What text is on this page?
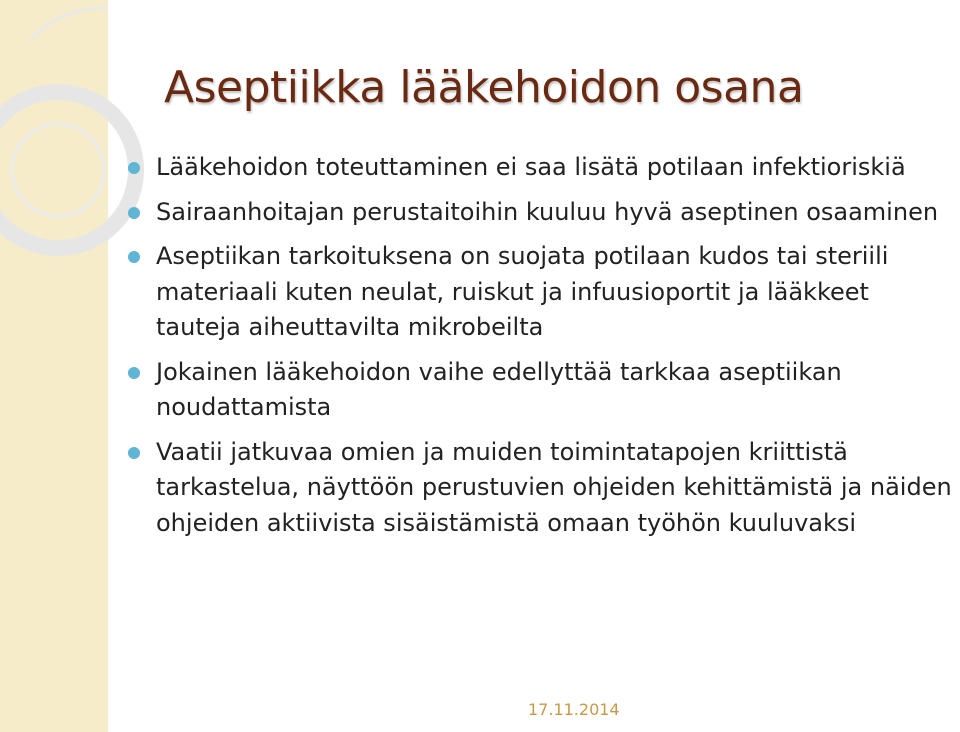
Aseptiikka lääkehoidon osana
Lääkehoidon toteuttaminen ei saa lisätä potilaan infektioriskiä
Sairaanhoitajan perustaitoihin kuuluu hyvä aseptinen osaaminen
Aseptiikan tarkoituksena on suojata potilaan kudos tai steriili materiaali kuten neulat, ruiskut ja infuusioportit ja lääkkeet tauteja aiheuttavilta mikrobeilta
Jokainen lääkehoidon vaihe edellyttää tarkkaa aseptiikan noudattamista
Vaatii jatkuvaa omien ja muiden toimintatapojen kriittistä tarkastelua, näyttöön perustuvien ohjeiden kehittämistä ja näiden ohjeiden aktiivista sisäistämistä omaan työhön kuuluvaksi
17.11.2014
